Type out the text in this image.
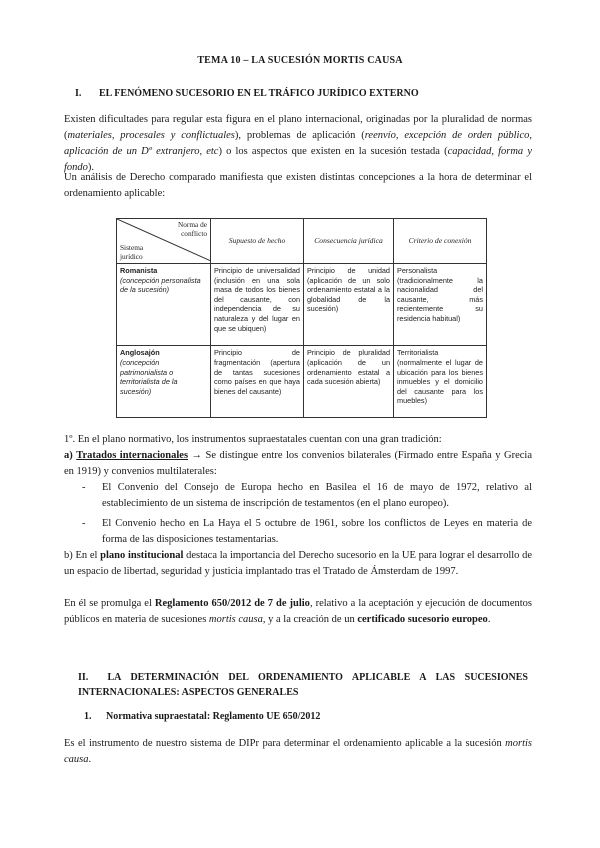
TEMA 10 – LA SUCESIÓN MORTIS CAUSA
I. EL FENÓMENO SUCESORIO EN EL TRÁFICO JURÍDICO EXTERNO
Existen dificultades para regular esta figura en el plano internacional, originadas por la pluralidad de normas (materiales, procesales y conflictuales), problemas de aplicación (reenvío, excepción de orden público, aplicación de un Dº extranjero, etc) o los aspectos que existen en la sucesión testada (capacidad, forma y fondo).
Un análisis de Derecho comparado manifiesta que existen distintas concepciones a la hora de determinar el ordenamiento aplicable:
Norma de
conflicto
Sistema
jurídico	Supuesto de hecho	Consecuencia jurídica	Criterio de conexión

Romanista
(concepción personalista de la sucesión)	Principio de universalidad (inclusión en una sola masa de todos los bienes del causante, con independencia de su naturaleza y del lugar en que se ubiquen)	Principio de unidad (aplicación de un solo ordenamiento estatal a la globalidad de la sucesión)	Personalista (tradicionalmente la nacionalidad del causante, más recientemente su residencia habitual)

Anglosajón
(concepción patrimonialista o territorialista de la sucesión)	Principio de fragmentación (apertura de tantas sucesiones como países en que haya bienes del causante)	Principio de pluralidad (aplicación de un ordenamiento estatal a cada sucesión abierta)	Territorialista (normalmente el lugar de ubicación para los bienes inmuebles y el domicilio del causante para los muebles)
1º. En el plano normativo, los instrumentos supraestatales cuentan con una gran tradición:
a) Tratados internacionales → Se distingue entre los convenios bilaterales (Firmado entre España y Grecia en 1919) y convenios multilaterales:
- El Convenio del Consejo de Europa hecho en Basilea el 16 de mayo de 1972, relativo al establecimiento de un sistema de inscripción de testamentos (en el plano europeo).
- El Convenio hecho en La Haya el 5 octubre de 1961, sobre los conflictos de Leyes en materia de forma de las disposiciones testamentarias.
b) En el plano institucional destaca la importancia del Derecho sucesorio en la UE para lograr el desarrollo de un espacio de libertad, seguridad y justicia implantado tras el Tratado de Ámsterdam de 1997.
En él se promulga el Reglamento 650/2012 de 7 de julio, relativo a la aceptación y ejecución de documentos públicos en materia de sucesiones mortis causa, y a la creación de un certificado sucesorio europeo.
II. LA DETERMINACIÓN DEL ORDENAMIENTO APLICABLE A LAS SUCESIONES INTERNACIONALES: ASPECTOS GENERALES
1. Normativa supraestatal: Reglamento UE 650/2012
Es el instrumento de nuestro sistema de DIPr para determinar el ordenamiento aplicable a la sucesión mortis causa.
